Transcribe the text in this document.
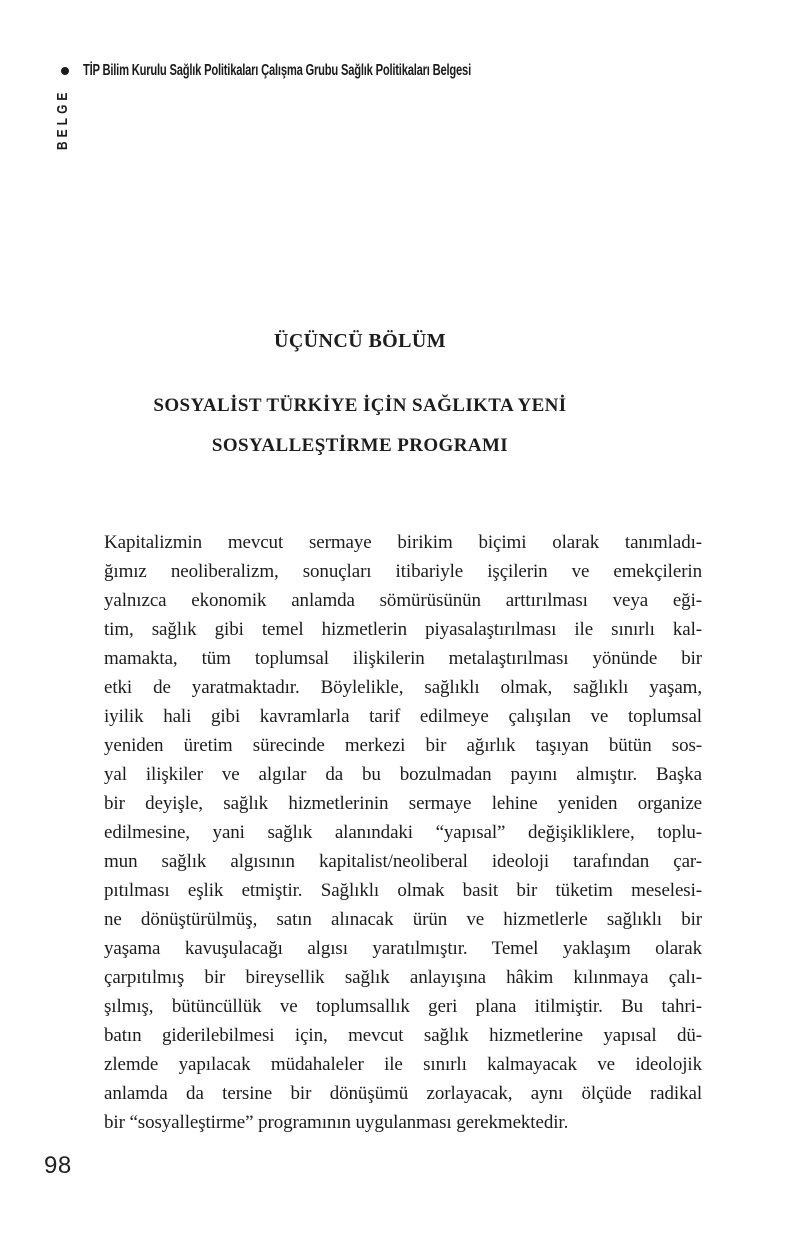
TİP Bilim Kurulu Sağlık Politikaları Çalışma Grubu Sağlık Politikaları Belgesi
BELGE
ÜÇÜNCÜ BÖLÜM
SOSYALİST TÜRKİYE İÇİN SAĞLIKTA YENİ
SOSYALLEŞTİRME PROGRAMI
Kapitalizmin mevcut sermaye birikim biçimi olarak tanımladı-
ğımız neoliberalizm, sonuçları itibariyle işçilerin ve emekçilerin
yalnızca ekonomik anlamda sömürüsünün arttırılması veya eği-
tim, sağlık gibi temel hizmetlerin piyasalaştırılması ile sınırlı kal-
mamakta, tüm toplumsal ilişkilerin metalaştırılması yönünde bir
etki de yaratmaktadır. Böylelikle, sağlıklı olmak, sağlıklı yaşam,
iyilik hali gibi kavramlarla tarif edilmeye çalışılan ve toplumsal
yeniden üretim sürecinde merkezi bir ağırlık taşıyan bütün sos-
yal ilişkiler ve algılar da bu bozulmadan payını almıştır. Başka
bir deyişle, sağlık hizmetlerinin sermaye lehine yeniden organize
edilmesine, yani sağlık alanındaki “yapısal” değişikliklere, toplu-
mun sağlık algısının kapitalist/neoliberal ideoloji tarafından çar-
pıtılması eşlik etmiştir. Sağlıklı olmak basit bir tüketim meselesi-
ne dönüştürülmüş, satın alınacak ürün ve hizmetlerle sağlıklı bir
yaşama kavuşulacağı algısı yaratılmıştır. Temel yaklaşım olarak
çarpıtılmış bir bireysellik sağlık anlayışına hâkim kılınmaya çalı-
şılmış, bütüncüllük ve toplumsallık geri plana itilmiştir. Bu tahri-
batın giderilebilmesi için, mevcut sağlık hizmetlerine yapısal dü-
zlemde yapılacak müdahaleler ile sınırlı kalmayacak ve ideolojik
anlamda da tersine bir dönüşümü zorlayacak, aynı ölçüde radikal
bir “sosyalleştirme” programının uygulanması gerekmektedir.
98
